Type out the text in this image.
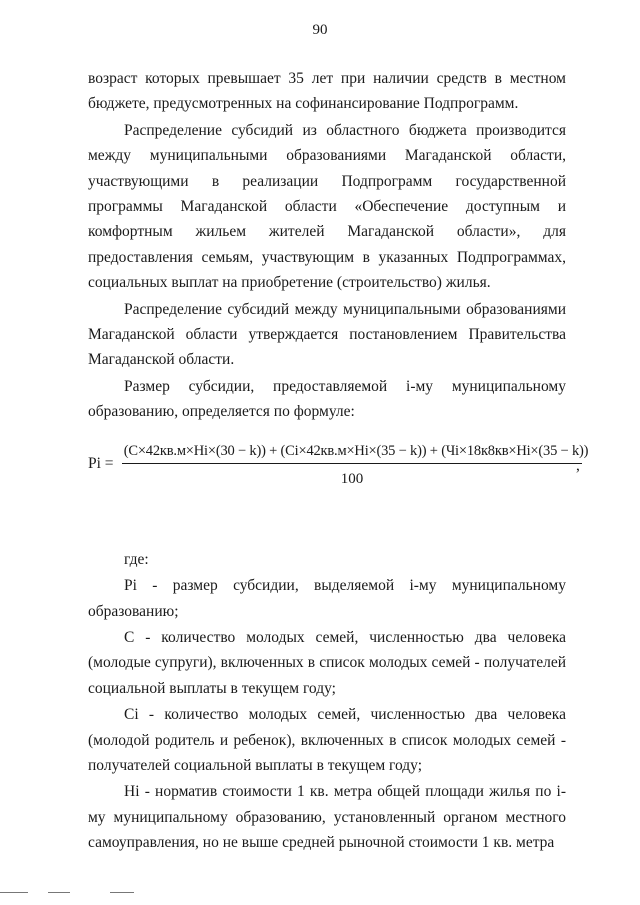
90

возраст которых превышает 35 лет при наличии средств в местном бюджете, предусмотренных на софинансирование Подпрограмм.

Распределение субсидий из областного бюджета производится между муниципальными образованиями Магаданской области, участвующими в реализации Подпрограмм государственной программы Магаданской области «Обеспечение доступным и комфортным жильем жителей Магаданской области», для предоставления семьям, участвующим в указанных Подпрограммах, социальных выплат на приобретение (строительство) жилья.

Распределение субсидий между муниципальными образованиями Магаданской области утверждается постановлением Правительства Магаданской области.

Размер субсидии, предоставляемой i-му муниципальному образованию, определяется по формуле:

Pi =
(C×42кв.м×Hi×(30 − k)) + (Ci×42кв.м×Hi×(35 − k)) + (Чi×18к8кв×Hi×(35 − k))
100
,

где:

Pi - размер субсидии, выделяемой i-му муниципальному образованию;

С - количество молодых семей, численностью два человека (молодые супруги), включенных в список молодых семей - получателей социальной выплаты в текущем году;

Ci - количество молодых семей, численностью два человека (молодой родитель и ребенок), включенных в список молодых семей - получателей социальной выплаты в текущем году;

Hi - норматив стоимости 1 кв. метра общей площади жилья по i-му муниципальному образованию, установленный органом местного самоуправления, но не выше средней рыночной стоимости 1 кв. метра
